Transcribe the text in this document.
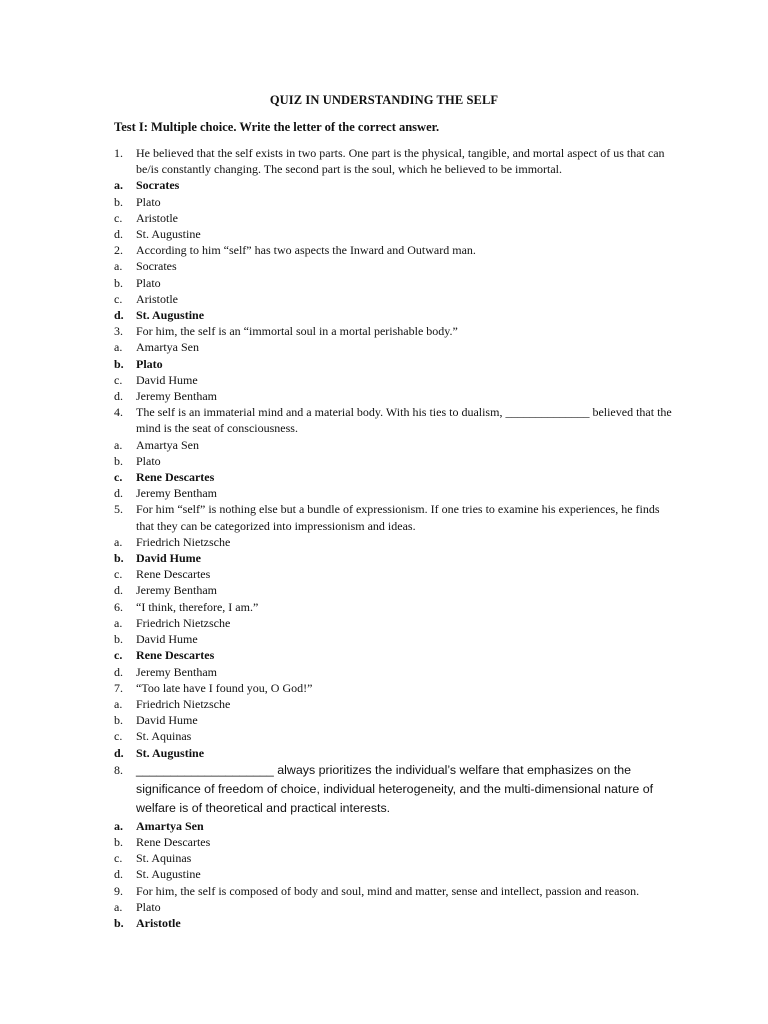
QUIZ IN UNDERSTANDING THE SELF
Test I: Multiple choice. Write the letter of the correct answer.
1.	He believed that the self exists in two parts. One part is the physical, tangible, and mortal aspect of us that can be/is constantly changing. The second part is the soul, which he believed to be immortal.
a.	Socrates
b.	Plato
c.	Aristotle
d.	St. Augustine
2.	According to him “self” has two aspects the Inward and Outward man.
a.	Socrates
b.	Plato
c.	Aristotle
d.	St. Augustine
3.	For him, the self is an “immortal soul in a mortal perishable body.”
a.	Amartya Sen
b.	Plato
c.	David Hume
d.	Jeremy Bentham
4.	The self is an immaterial mind and a material body. With his ties to dualism, ______________ believed that the mind is the seat of consciousness.
a.	Amartya Sen
b.	Plato
c.	Rene Descartes
d.	Jeremy Bentham
5.	For him “self” is nothing else but a bundle of expressionism. If one tries to examine his experiences, he finds that they can be categorized into impressionism and ideas.
a.	Friedrich Nietzsche
b.	David Hume
c.	Rene Descartes
d.	Jeremy Bentham
6.	“I think, therefore, I am.”
a.	Friedrich Nietzsche
b.	David Hume
c.	Rene Descartes
d.	Jeremy Bentham
7.	“Too late have I found you, O God!”
a.	Friedrich Nietzsche
b.	David Hume
c.	St. Aquinas
d.	St. Augustine
8.	____________________ always prioritizes the individual’s welfare that emphasizes on the significance of freedom of choice, individual heterogeneity, and the multi-dimensional nature of welfare is of theoretical and practical interests.
a.	Amartya Sen
b.	Rene Descartes
c.	St. Aquinas
d.	St. Augustine
9.	For him, the self is composed of body and soul, mind and matter, sense and intellect, passion and reason.
a.	Plato
b.	Aristotle
